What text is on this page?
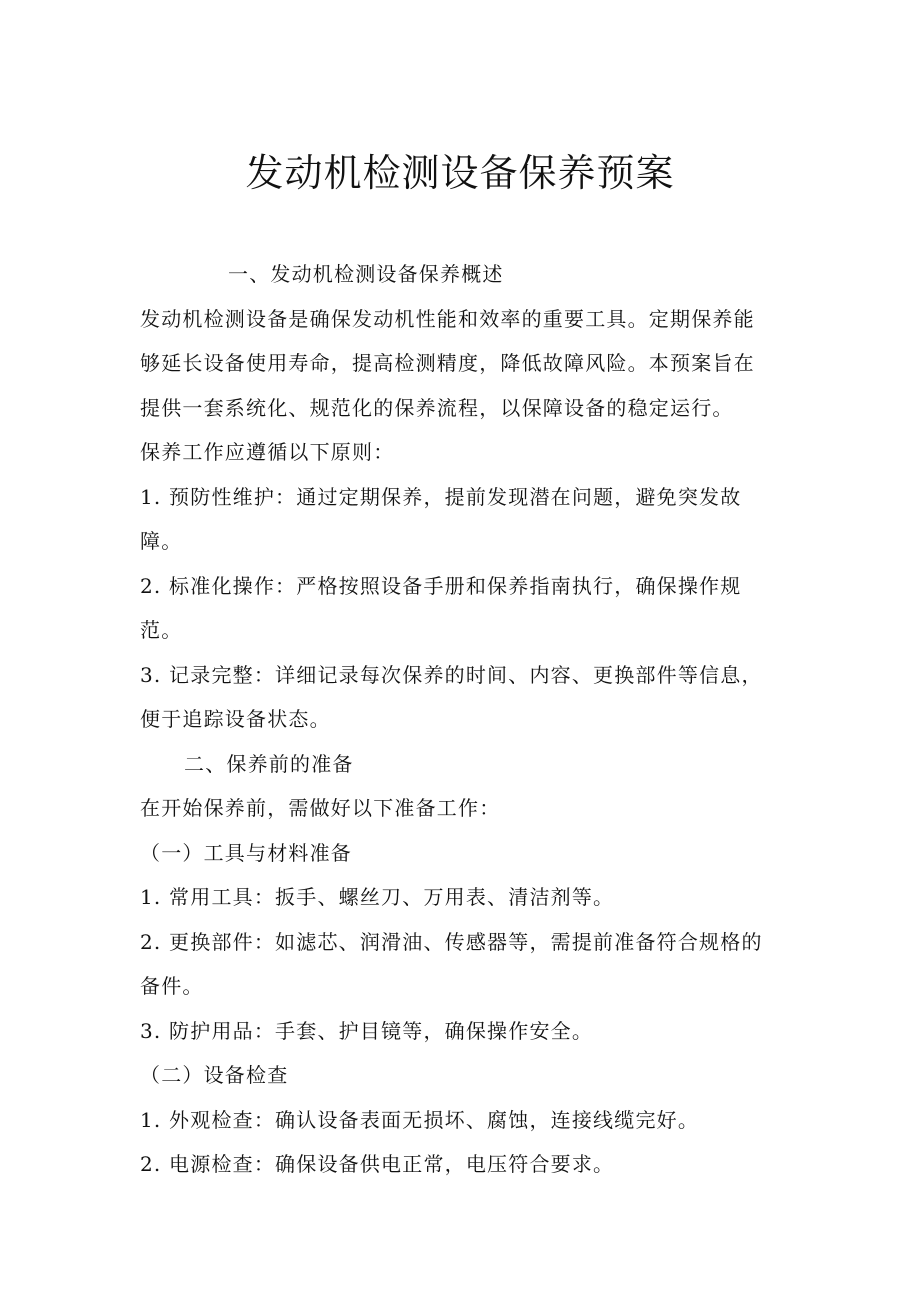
发动机检测设备保养预案
一、发动机检测设备保养概述
发动机检测设备是确保发动机性能和效率的重要工具。定期保养能
够延长设备使用寿命，提高检测精度，降低故障风险。本预案旨在
提供一套系统化、规范化的保养流程，以保障设备的稳定运行。
保养工作应遵循以下原则：
1. 预防性维护：通过定期保养，提前发现潜在问题，避免突发故
障。
2. 标准化操作：严格按照设备手册和保养指南执行，确保操作规
范。
3. 记录完整：详细记录每次保养的时间、内容、更换部件等信息，
便于追踪设备状态。
二、保养前的准备
在开始保养前，需做好以下准备工作：
（一）工具与材料准备
1. 常用工具：扳手、螺丝刀、万用表、清洁剂等。
2. 更换部件：如滤芯、润滑油、传感器等，需提前准备符合规格的
备件。
3. 防护用品：手套、护目镜等，确保操作安全。
（二）设备检查
1. 外观检查：确认设备表面无损坏、腐蚀，连接线缆完好。
2. 电源检查：确保设备供电正常，电压符合要求。
